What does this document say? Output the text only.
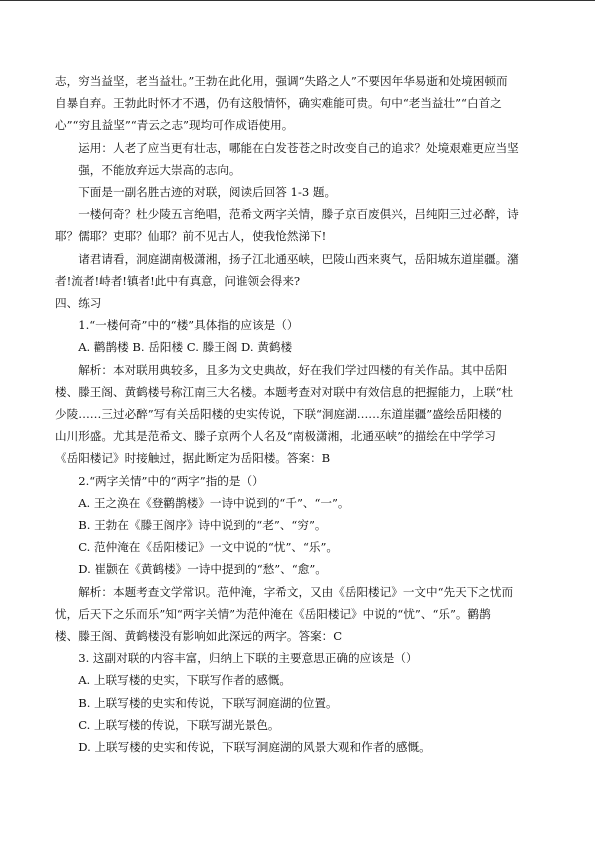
志，穷当益坚，老当益壮。”王勃在此化用，强调“失路之人”不要因年华易逝和处境困顿而

自暴自弃。王勃此时怀才不遇，仍有这般情怀，确实难能可贵。句中“老当益壮”“白首之

心”“穷且益坚”“青云之志”现均可作成语使用。

运用：人老了应当更有壮志，哪能在白发苍苍之时改变自己的追求？处境艰难更应当坚

强，不能放弃远大崇高的志向。

下面是一副名胜古迹的对联，阅读后回答 1-3 题。

一楼何奇？杜少陵五言绝唱，范希文两字关情，滕子京百废俱兴，吕纯阳三过必醉，诗

耶？儒耶？吏耶？仙耶？前不见古人，使我怆然涕下!

诸君请看，洞庭湖南极潇湘，扬子江北通巫峡，巴陵山西来爽气，岳阳城东道崖疆。潴

者!流者!峙者!镇者!此中有真意，问谁领会得来?

四、练习

1.“一楼何奇”中的“楼”具体指的应该是（）

A. 鹳鹊楼 B. 岳阳楼 C. 滕王阁 D. 黄鹤楼

解析：本对联用典较多，且多为文史典故，好在我们学过四楼的有关作品。其中岳阳

楼、滕王阁、黄鹤楼号称江南三大名楼。本题考查对对联中有效信息的把握能力，上联“杜

少陵……三过必醉”写有关岳阳楼的史实传说，下联“洞庭湖……东道崖疆”盛绘岳阳楼的

山川形盛。尤其是范希文、滕子京两个人名及“南极潇湘，北通巫峡”的描绘在中学学习

《岳阳楼记》时接触过，据此断定为岳阳楼。答案：B

2.“两字关情”中的“两字”指的是（）

A. 王之涣在《登鹳鹊楼》一诗中说到的“千”、“一”。

B. 王勃在《滕王阁序》诗中说到的“老”、“穷”。

C. 范仲淹在《岳阳楼记》一文中说的“忧”、“乐”。

D. 崔颢在《黄鹤楼》一诗中提到的“愁”、“愈”。

解析：本题考查文学常识。范仲淹，字希文，又由《岳阳楼记》一文中“先天下之忧而

忧，后天下之乐而乐”知“两字关情”为范仲淹在《岳阳楼记》中说的“忧”、“乐”。鹳鹊

楼、滕王阁、黄鹤楼没有影响如此深远的两字。答案：C

3. 这副对联的内容丰富，归纳上下联的主要意思正确的应该是（）

A. 上联写楼的史实，下联写作者的感慨。

B. 上联写楼的史实和传说，下联写洞庭湖的位置。

C. 上联写楼的传说，下联写湖光景色。

D. 上联写楼的史实和传说，下联写洞庭湖的风景大观和作者的感慨。
